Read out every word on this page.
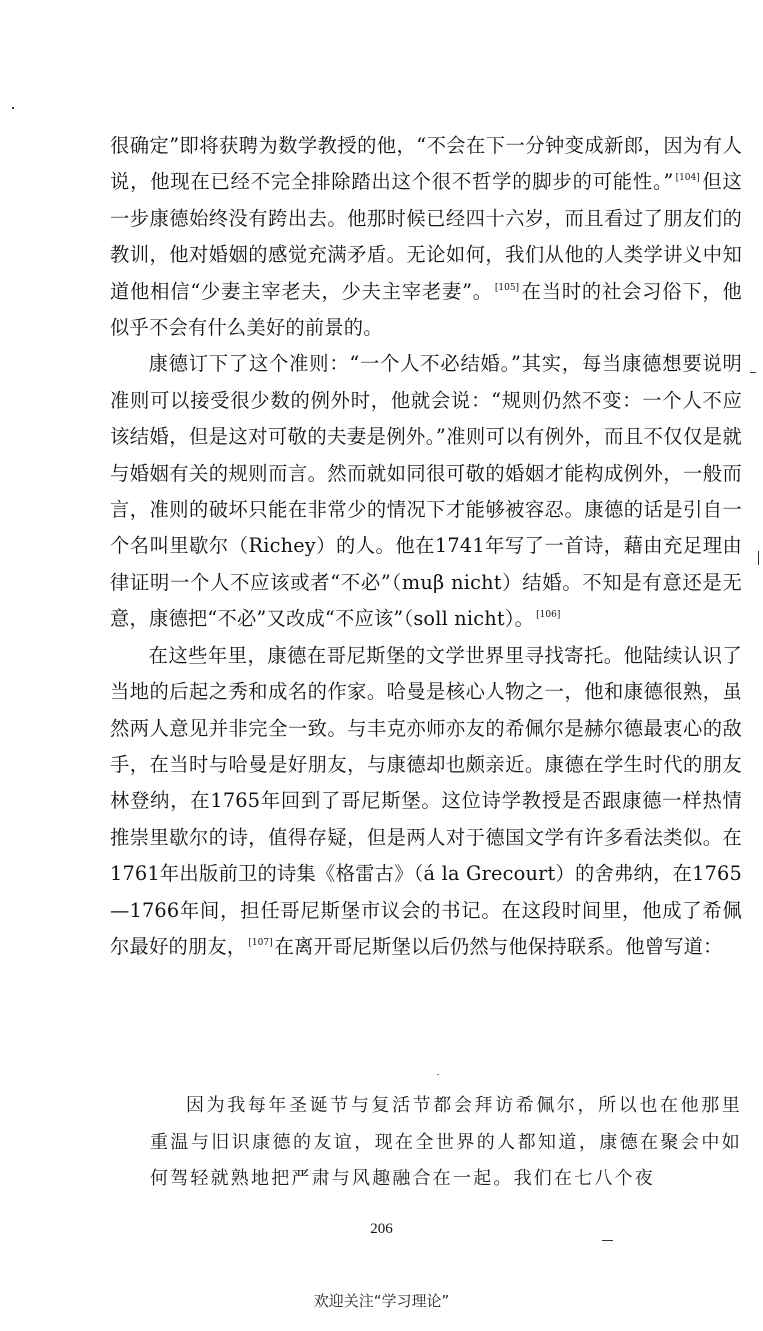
很确定”即将获聘为数学教授的他，“不会在下一分钟变成新郎，因为有人说，他现在已经不完全排除踏出这个很不哲学的脚步的可能性。” [104] 但这一步康德始终没有跨出去。他那时候已经四十六岁，而且看过了朋友们的教训，他对婚姻的感觉充满矛盾。无论如何，我们从他的人类学讲义中知道他相信“少妻主宰老夫，少夫主宰老妻”。 [105] 在当时的社会习俗下，他似乎不会有什么美好的前景的。

康德订下了这个准则：“一个人不必结婚。”其实，每当康德想要说明准则可以接受很少数的例外时，他就会说：“规则仍然不变：一个人不应该结婚，但是这对可敬的夫妻是例外。”准则可以有例外，而且不仅仅是就与婚姻有关的规则而言。然而就如同很可敬的婚姻才能构成例外，一般而言，准则的破坏只能在非常少的情况下才能够被容忍。康德的话是引自一个名叫里歇尔（Richey）的人。他在1741年写了一首诗，藉由充足理由律证明一个人不应该或者“不必”（muβ nicht）结婚。不知是有意还是无意，康德把“不必”又改成“不应该”（soll nicht）。 [106]

在这些年里，康德在哥尼斯堡的文学世界里寻找寄托。他陆续认识了当地的后起之秀和成名的作家。哈曼是核心人物之一，他和康德很熟，虽然两人意见并非完全一致。与丰克亦师亦友的希佩尔是赫尔德最衷心的敌手，在当时与哈曼是好朋友，与康德却也颇亲近。康德在学生时代的朋友林登纳，在1765年回到了哥尼斯堡。这位诗学教授是否跟康德一样热情推崇里歇尔的诗，值得存疑，但是两人对于德国文学有许多看法类似。在1761年出版前卫的诗集《格雷古》（á la Grecourt）的舍弗纳，在1765—1766年间，担任哥尼斯堡市议会的书记。在这段时间里，他成了希佩尔最好的朋友， [107] 在离开哥尼斯堡以后仍然与他保持联系。他曾写道：

因为我每年圣诞节与复活节都会拜访希佩尔，所以也在他那里重温与旧识康德的友谊，现在全世界的人都知道，康德在聚会中如何驾轻就熟地把严肃与风趣融合在一起。我们在七八个夜

206
欢迎关注“学习理论”
